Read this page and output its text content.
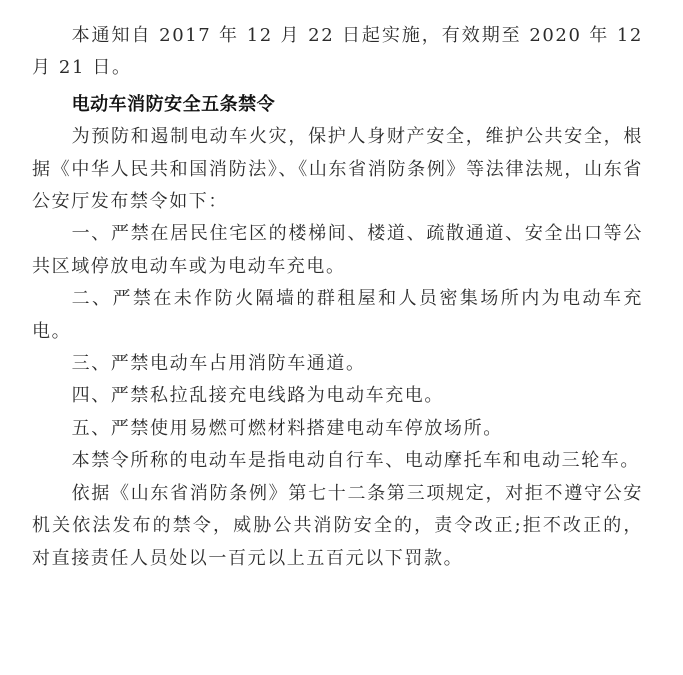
本通知自 2017 年 12 月 22 日起实施，有效期至 2020 年 12 月 21 日。

电动车消防安全五条禁令

为预防和遏制电动车火灾，保护人身财产安全，维护公共安全，根据《中华人民共和国消防法》、《山东省消防条例》等法律法规，山东省公安厅发布禁令如下：

一、严禁在居民住宅区的楼梯间、楼道、疏散通道、安全出口等公共区域停放电动车或为电动车充电。

二、严禁在未作防火隔墙的群租屋和人员密集场所内为电动车充电。

三、严禁电动车占用消防车通道。

四、严禁私拉乱接充电线路为电动车充电。

五、严禁使用易燃可燃材料搭建电动车停放场所。

本禁令所称的电动车是指电动自行车、电动摩托车和电动三轮车。

依据《山东省消防条例》第七十二条第三项规定，对拒不遵守公安机关依法发布的禁令，威胁公共消防安全的，责令改正;拒不改正的，对直接责任人员处以一百元以上五百元以下罚款。
